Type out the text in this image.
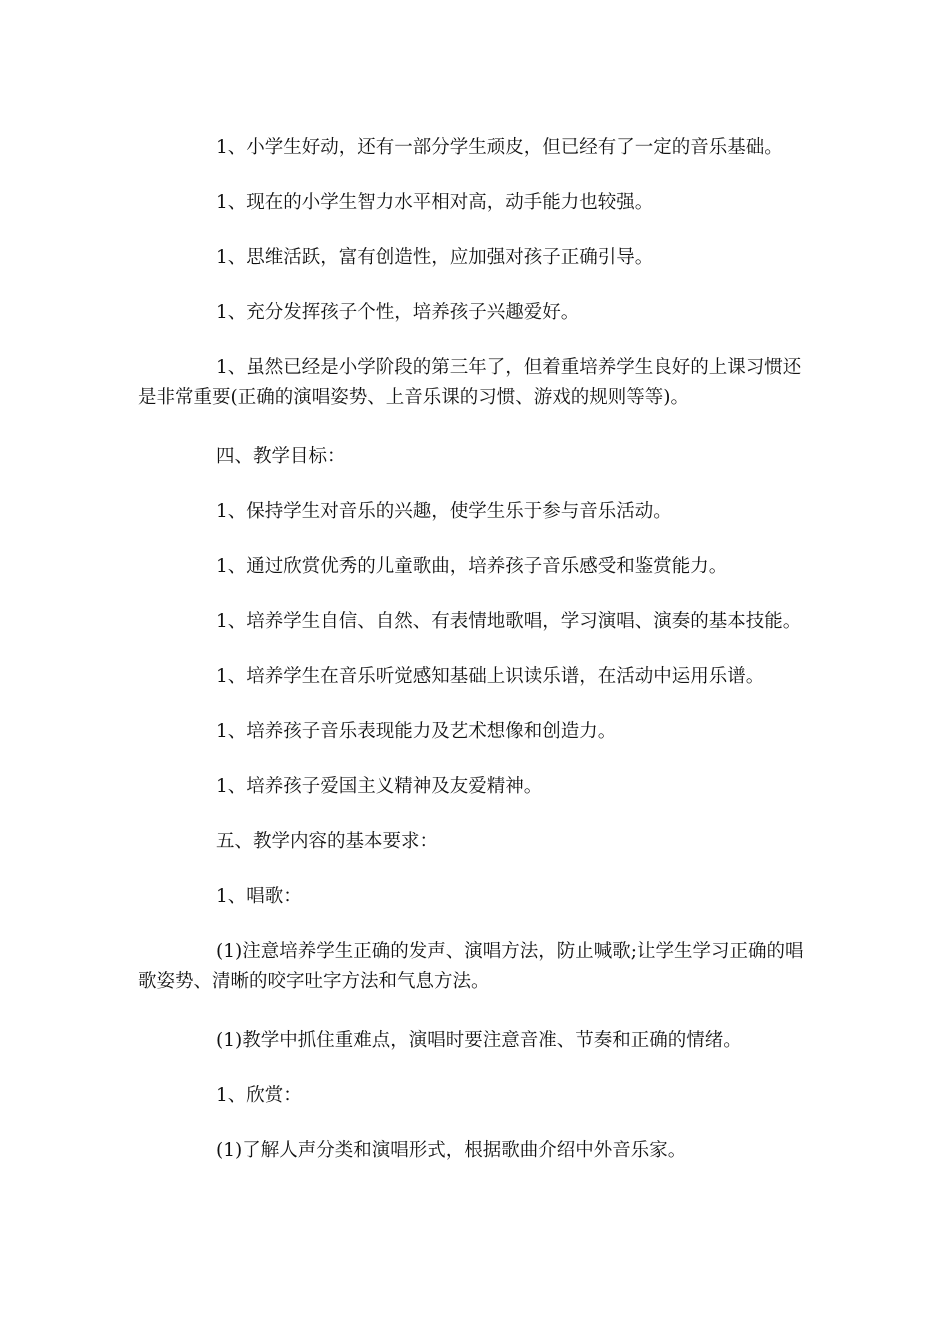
1、小学生好动，还有一部分学生顽皮，但已经有了一定的音乐基础。
1、现在的小学生智力水平相对高，动手能力也较强。
1、思维活跃，富有创造性，应加强对孩子正确引导。
1、充分发挥孩子个性，培养孩子兴趣爱好。
1、虽然已经是小学阶段的第三年了，但着重培养学生良好的上课习惯还是非常重要(正确的演唱姿势、上音乐课的习惯、游戏的规则等等)。
四、教学目标：
1、保持学生对音乐的兴趣，使学生乐于参与音乐活动。
1、通过欣赏优秀的儿童歌曲，培养孩子音乐感受和鉴赏能力。
1、培养学生自信、自然、有表情地歌唱，学习演唱、演奏的基本技能。
1、培养学生在音乐听觉感知基础上识读乐谱，在活动中运用乐谱。
1、培养孩子音乐表现能力及艺术想像和创造力。
1、培养孩子爱国主义精神及友爱精神。
五、教学内容的基本要求：
1、唱歌：
(1)注意培养学生正确的发声、演唱方法，防止喊歌;让学生学习正确的唱歌姿势、清晰的咬字吐字方法和气息方法。
(1)教学中抓住重难点，演唱时要注意音准、节奏和正确的情绪。
1、欣赏：
(1)了解人声分类和演唱形式，根据歌曲介绍中外音乐家。
